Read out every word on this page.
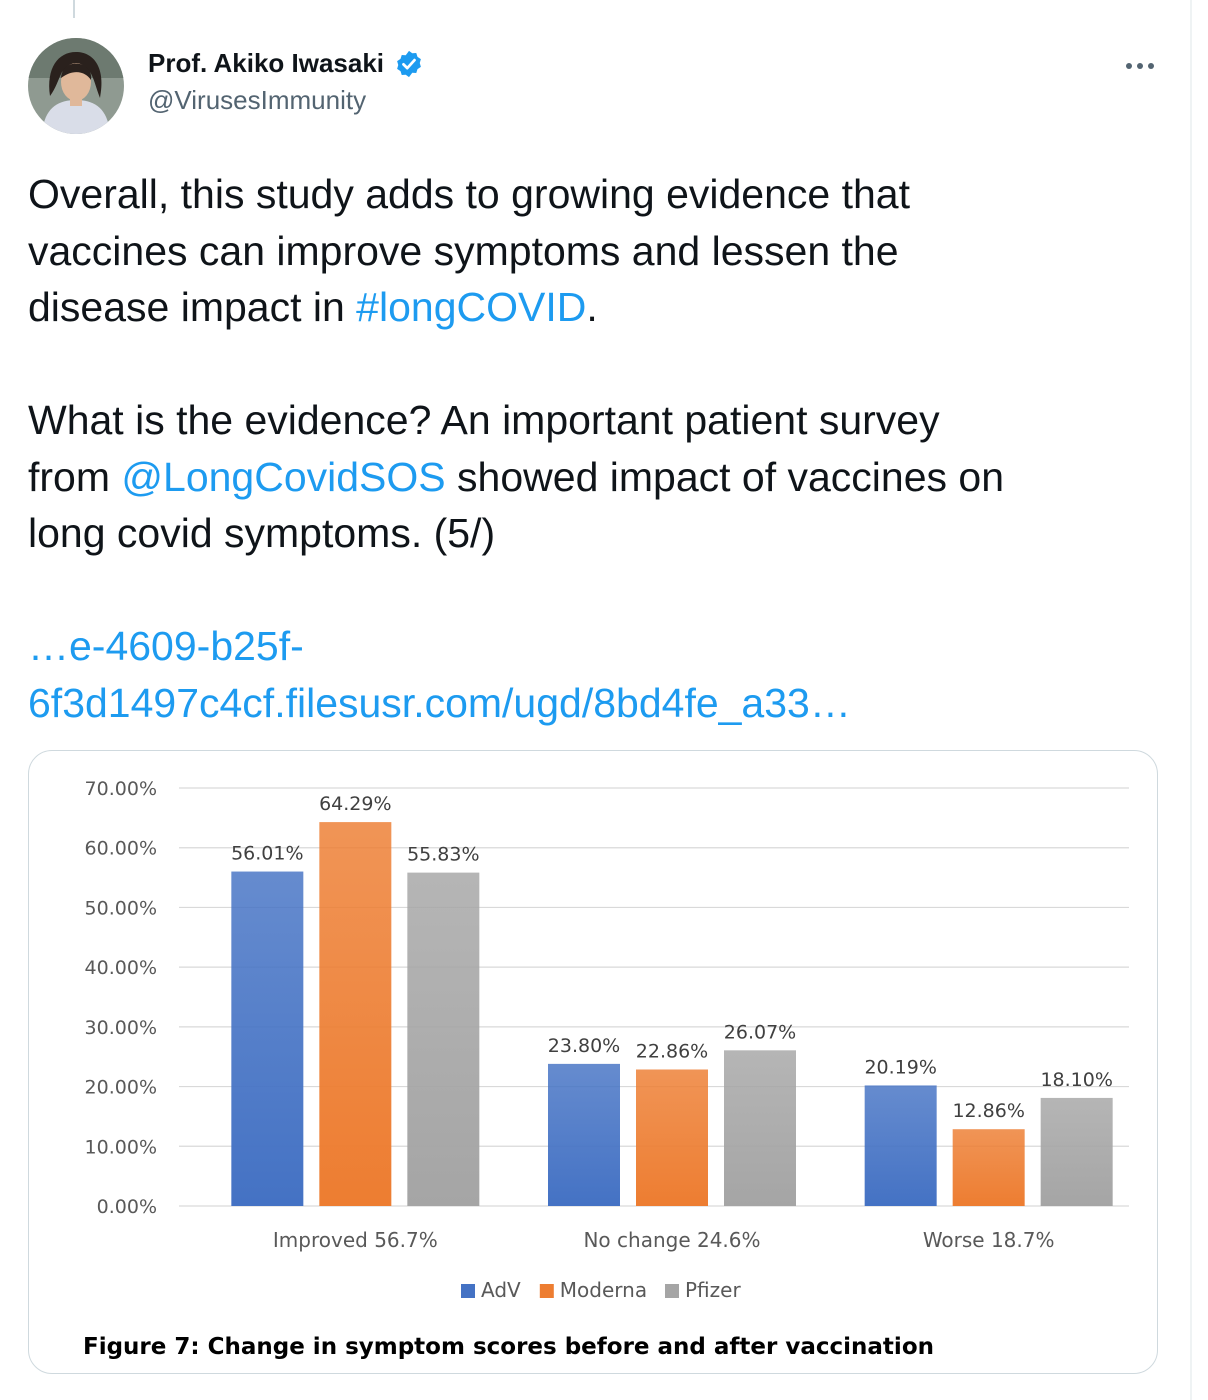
Prof. Akiko Iwasaki
@VirusesImmunity

Overall, this study adds to growing evidence that
vaccines can improve symptoms and lessen the
disease impact in #longCOVID.

What is the evidence? An important patient survey
from @LongCovidSOS showed impact of vaccines on
long covid symptoms. (5/)

…e-4609-b25f-
6f3d1497c4cf.filesusr.com/ugd/8bd4fe_a33…

0.00%
10.00%
20.00%
30.00%
40.00%
50.00%
60.00%
70.00%
56.01%
64.29%
55.83%
Improved 56.7%
23.80% 22.86%
26.07%
No change 24.6%
20.19%
12.86%
18.10%
Worse 18.7%
AdV Moderna Pfizer
Figure 7: Change in symptom scores before and after vaccination
